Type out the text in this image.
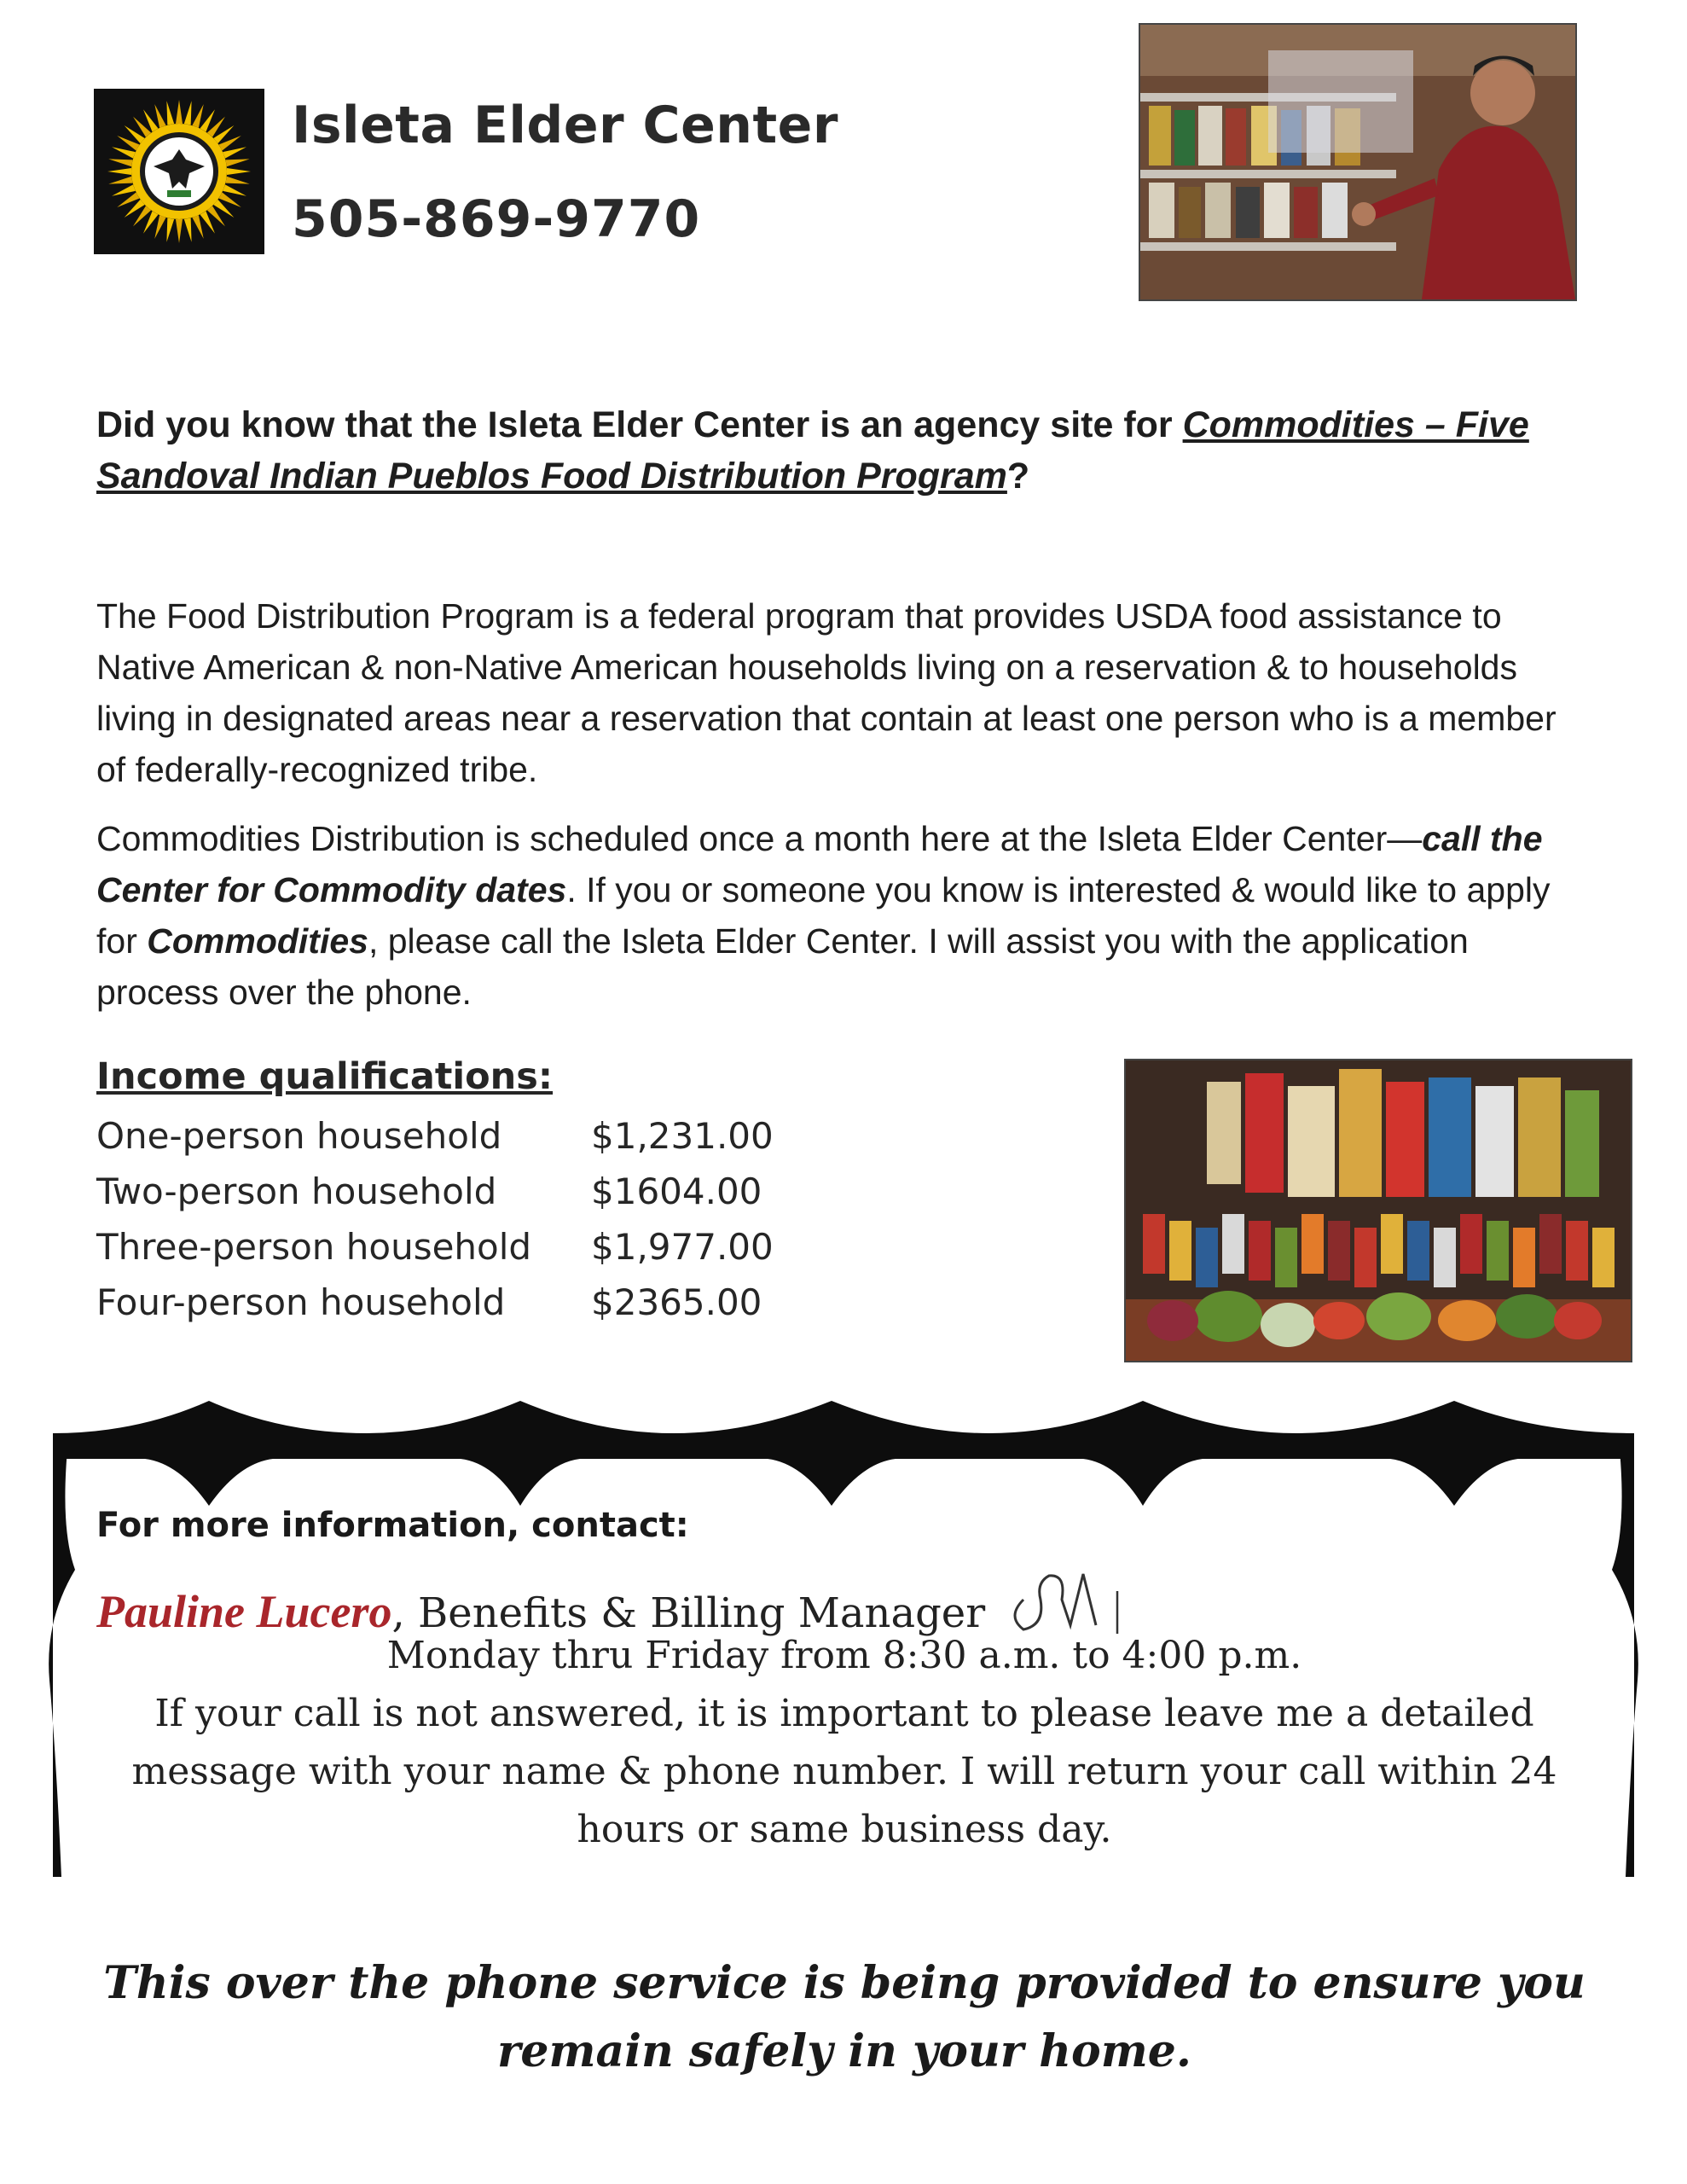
Isleta Elder Center
505-869-9770
Did you know that the Isleta Elder Center is an agency site for Commodities – Five Sandoval Indian Pueblos Food Distribution Program?
The Food Distribution Program is a federal program that provides USDA food assistance to Native American & non-Native American households living on a reservation & to households living in designated areas near a reservation that contain at least one person who is a member of federally-recognized tribe.
Commodities Distribution is scheduled once a month here at the Isleta Elder Center—call the Center for Commodity dates. If you or someone you know is interested & would like to apply for Commodities, please call the Isleta Elder Center. I will assist you with the application process over the phone.
Income qualifications:
One-person household	$1,231.00
Two-person household	$1604.00
Three-person household	$1,977.00
Four-person household	$2365.00
For more information, contact:
Pauline Lucero, Benefits & Billing Manager
Monday thru Friday from 8:30 a.m. to 4:00 p.m.
If your call is not answered, it is important to please leave me a detailed message with your name & phone number. I will return your call within 24 hours or same business day.
This over the phone service is being provided to ensure you remain safely in your home.
